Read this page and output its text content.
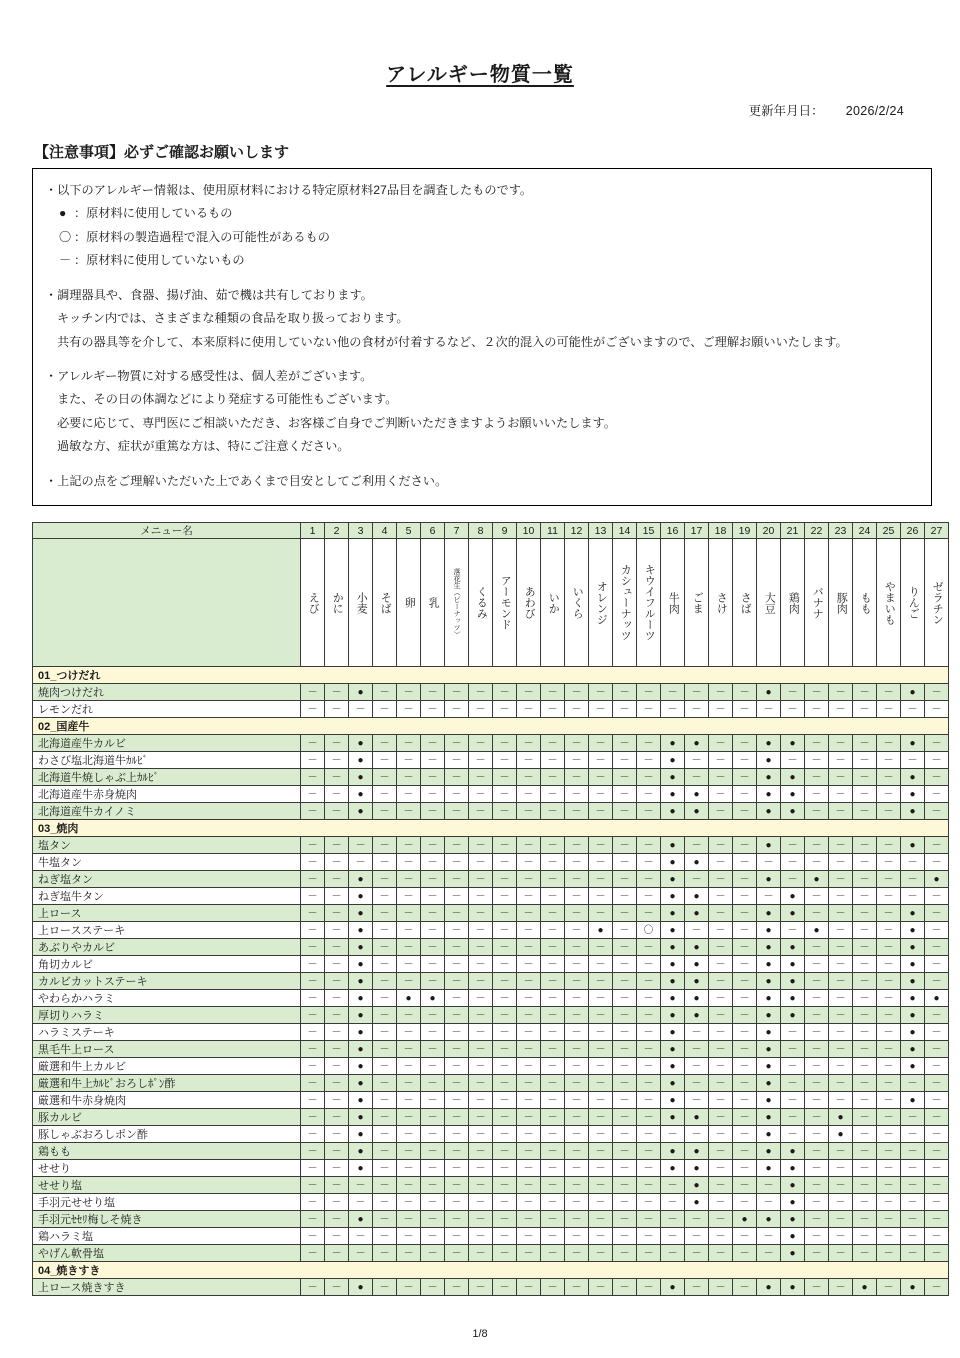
アレルギー物質一覧
更新年月日： 2026/2/24
【注意事項】必ずご確認お願いします

・以下のアレルギー情報は、使用原材料における特定原材料27品目を調査したものです。

● ：原材料に使用しているもの

〇 ：原材料の製造過程で混入の可能性があるもの

－ ：原材料に使用していないもの

・調理器具や、食器、揚げ油、茹で機は共有しております。

キッチン内では、さまざまな種類の食品を取り扱っております。

共有の器具等を介して、本来原料に使用していない他の食材が付着するなど、２次的混入の可能性がございますので、ご理解お願いいたします。

・アレルギー物質に対する感受性は、個人差がございます。

また、その日の体調などにより発症する可能性もございます。

必要に応じて、専門医にご相談いただき、お客様ご自身でご判断いただきますようお願いいたします。

過敏な方、症状が重篤な方は、特にご注意ください。

・上記の点をご理解いただいた上であくまで目安としてご利用ください。

メニュー名	1	2	3	4	5	6	7	8	9	10	11	12	13	14	15	16	17	18	19	20	21	22	23	24	25	26	27

えび	かに	小麦	そば	卵	乳	落花生（ピーナッツ）	くるみ	アーモンド	あわび	いか	いくら	オレンジ	カシューナッツ	キウイフルーツ	牛肉	ごま	さけ	さば	大豆	鶏肉	バナナ	豚肉	もも	やまいも	りんご	ゼラチン

01_つけだれ																											
焼肉つけだれ	－	－	●	－	－	－	－	－	－	－	－	－	－	－	－	－	－	－	－	●	－	－	－	－	－	●	－
レモンだれ	－	－	－	－	－	－	－	－	－	－	－	－	－	－	－	－	－	－	－	－	－	－	－	－	－	－	－
02_国産牛																											
北海道産牛カルビ	－	－	●	－	－	－	－	－	－	－	－	－	－	－	－	●	●	－	－	●	●	－	－	－	－	●	－
わさび塩北海道牛ｶﾙﾋﾞ	－	－	●	－	－	－	－	－	－	－	－	－	－	－	－	●	－	－	－	●	－	－	－	－	－	－	－
北海道牛焼しゃぶ上ｶﾙﾋﾞ	－	－	●	－	－	－	－	－	－	－	－	－	－	－	－	●	－	－	－	●	●	－	－	－	－	●	－
北海道産牛赤身焼肉	－	－	●	－	－	－	－	－	－	－	－	－	－	－	－	●	●	－	－	●	●	－	－	－	－	●	－
北海道産牛カイノミ	－	－	●	－	－	－	－	－	－	－	－	－	－	－	－	●	●	－	－	●	●	－	－	－	－	●	－
03_焼肉																											
塩タン	－	－	－	－	－	－	－	－	－	－	－	－	－	－	－	●	－	－	－	●	－	－	－	－	－	●	－
牛塩タン	－	－	－	－	－	－	－	－	－	－	－	－	－	－	－	●	●	－	－	－	－	－	－	－	－	－	－
ねぎ塩タン	－	－	●	－	－	－	－	－	－	－	－	－	－	－	－	●	－	－	－	●	－	●	－	－	－	－	●
ねぎ塩牛タン	－	－	●	－	－	－	－	－	－	－	－	－	－	－	－	●	●	－	－	－	●	－	－	－	－	－	－
上ロース	－	－	●	－	－	－	－	－	－	－	－	－	－	－	－	●	●	－	－	●	●	－	－	－	－	●	－
上ロースステーキ	－	－	●	－	－	－	－	－	－	－	－	－	●	－	〇	●	－	－	－	●	－	●	－	－	－	●	－
あぶりやカルビ	－	－	●	－	－	－	－	－	－	－	－	－	－	－	－	●	●	－	－	●	●	－	－	－	－	●	－
角切カルビ	－	－	●	－	－	－	－	－	－	－	－	－	－	－	－	●	●	－	－	●	●	－	－	－	－	●	－
カルビカットステーキ	－	－	●	－	－	－	－	－	－	－	－	－	－	－	－	●	●	－	－	●	●	－	－	－	－	●	－
やわらかハラミ	－	－	●	－	●	●	－	－	－	－	－	－	－	－	－	●	●	－	－	●	●	－	－	－	－	●	●
厚切りハラミ	－	－	●	－	－	－	－	－	－	－	－	－	－	－	－	●	●	－	－	●	●	－	－	－	－	●	－
ハラミステーキ	－	－	●	－	－	－	－	－	－	－	－	－	－	－	－	●	－	－	－	●	－	－	－	－	－	●	－
黒毛牛上ロース	－	－	●	－	－	－	－	－	－	－	－	－	－	－	－	●	－	－	－	●	－	－	－	－	－	●	－
厳選和牛上カルビ	－	－	●	－	－	－	－	－	－	－	－	－	－	－	－	●	－	－	－	●	－	－	－	－	－	●	－
厳選和牛上ｶﾙﾋﾞおろしﾎﾟﾝ酢	－	－	●	－	－	－	－	－	－	－	－	－	－	－	－	●	－	－	－	●	－	－	－	－	－	－	－
厳選和牛赤身焼肉	－	－	●	－	－	－	－	－	－	－	－	－	－	－	－	●	－	－	－	●	－	－	－	－	－	●	－
豚カルビ	－	－	●	－	－	－	－	－	－	－	－	－	－	－	－	●	●	－	－	●	－	－	●	－	－	－	－
豚しゃぶおろしポン酢	－	－	●	－	－	－	－	－	－	－	－	－	－	－	－	－	－	－	－	●	－	－	●	－	－	－	－
鶏もも	－	－	●	－	－	－	－	－	－	－	－	－	－	－	－	●	●	－	－	●	●	－	－	－	－	－	－
せせり	－	－	●	－	－	－	－	－	－	－	－	－	－	－	－	●	●	－	－	●	●	－	－	－	－	－	－
せせり塩	－	－	－	－	－	－	－	－	－	－	－	－	－	－	－	－	●	－	－	－	●	－	－	－	－	－	－
手羽元せせり塩	－	－	－	－	－	－	－	－	－	－	－	－	－	－	－	－	●	－	－	－	●	－	－	－	－	－	－
手羽元ｾｾﾘ梅しそ焼き	－	－	●	－	－	－	－	－	－	－	－	－	－	－	－	－	－	－	●	●	●	－	－	－	－	－	－
鶏ハラミ塩	－	－	－	－	－	－	－	－	－	－	－	－	－	－	－	－	－	－	－	－	●	－	－	－	－	－	－
やげん軟骨塩	－	－	－	－	－	－	－	－	－	－	－	－	－	－	－	－	－	－	－	－	●	－	－	－	－	－	－
04_焼きすき																											
上ロース焼きすき	－	－	●	－	－	－	－	－	－	－	－	－	－	－	－	●	－	－	－	●	●	－	－	●	－	●	－
1/8
